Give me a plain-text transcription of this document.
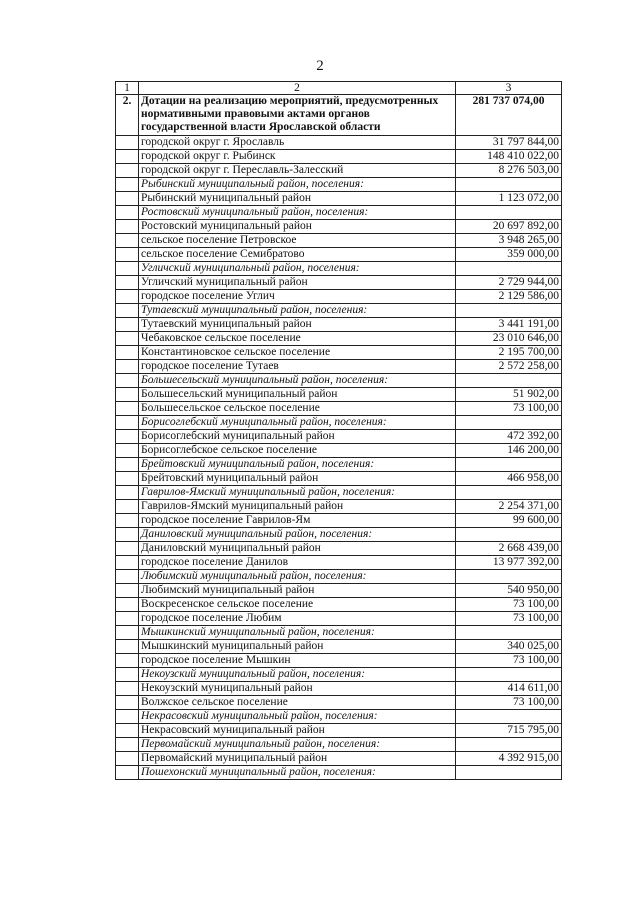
2
1	2	3
2.	Дотации на реализацию мероприятий, предусмотренных нормативными правовыми актами органов государственной власти Ярославской области	281 737 074,00
	городской округ г. Ярославль	31 797 844,00
	городской округ г. Рыбинск	148 410 022,00
	городской округ г. Переславль-Залесский	8 276 503,00
	Рыбинский муниципальный район, поселения:	
	Рыбинский муниципальный район	1 123 072,00
	Ростовский муниципальный район, поселения:	
	Ростовский муниципальный район	20 697 892,00
	сельское поселение Петровское	3 948 265,00
	сельское поселение Семибратово	359 000,00
	Угличский муниципальный район, поселения:	
	Угличский муниципальный район	2 729 944,00
	городское поселение Углич	2 129 586,00
	Тутаевский муниципальный район, поселения:	
	Тутаевский муниципальный район	3 441 191,00
	Чебаковское сельское поселение	23 010 646,00
	Константиновское сельское поселение	2 195 700,00
	городское поселение Тутаев	2 572 258,00
	Большесельский муниципальный район, поселения:	
	Большесельский муниципальный район	51 902,00
	Большесельское сельское поселение	73 100,00
	Борисоглебский муниципальный район, поселения:	
	Борисоглебский муниципальный район	472 392,00
	Борисоглебское сельское поселение	146 200,00
	Брейтовский муниципальный район, поселения:	
	Брейтовский муниципальный район	466 958,00
	Гаврилов-Ямский муниципальный район, поселения:	
	Гаврилов-Ямский муниципальный район	2 254 371,00
	городское поселение Гаврилов-Ям	99 600,00
	Даниловский муниципальный район, поселения:	
	Даниловский муниципальный район	2 668 439,00
	городское поселение Данилов	13 977 392,00
	Любимский муниципальный район, поселения:	
	Любимский муниципальный район	540 950,00
	Воскресенское сельское поселение	73 100,00
	городское поселение Любим	73 100,00
	Мышкинский муниципальный район, поселения:	
	Мышкинский муниципальный район	340 025,00
	городское поселение Мышкин	73 100,00
	Некоузский муниципальный район, поселения:	
	Некоузский муниципальный район	414 611,00
	Волжское сельское поселение	73 100,00
	Некрасовский муниципальный район, поселения:	
	Некрасовский муниципальный район	715 795,00
	Первомайский муниципальный район, поселения:	
	Первомайский муниципальный район	4 392 915,00
	Пошехонский муниципальный район, поселения:	
